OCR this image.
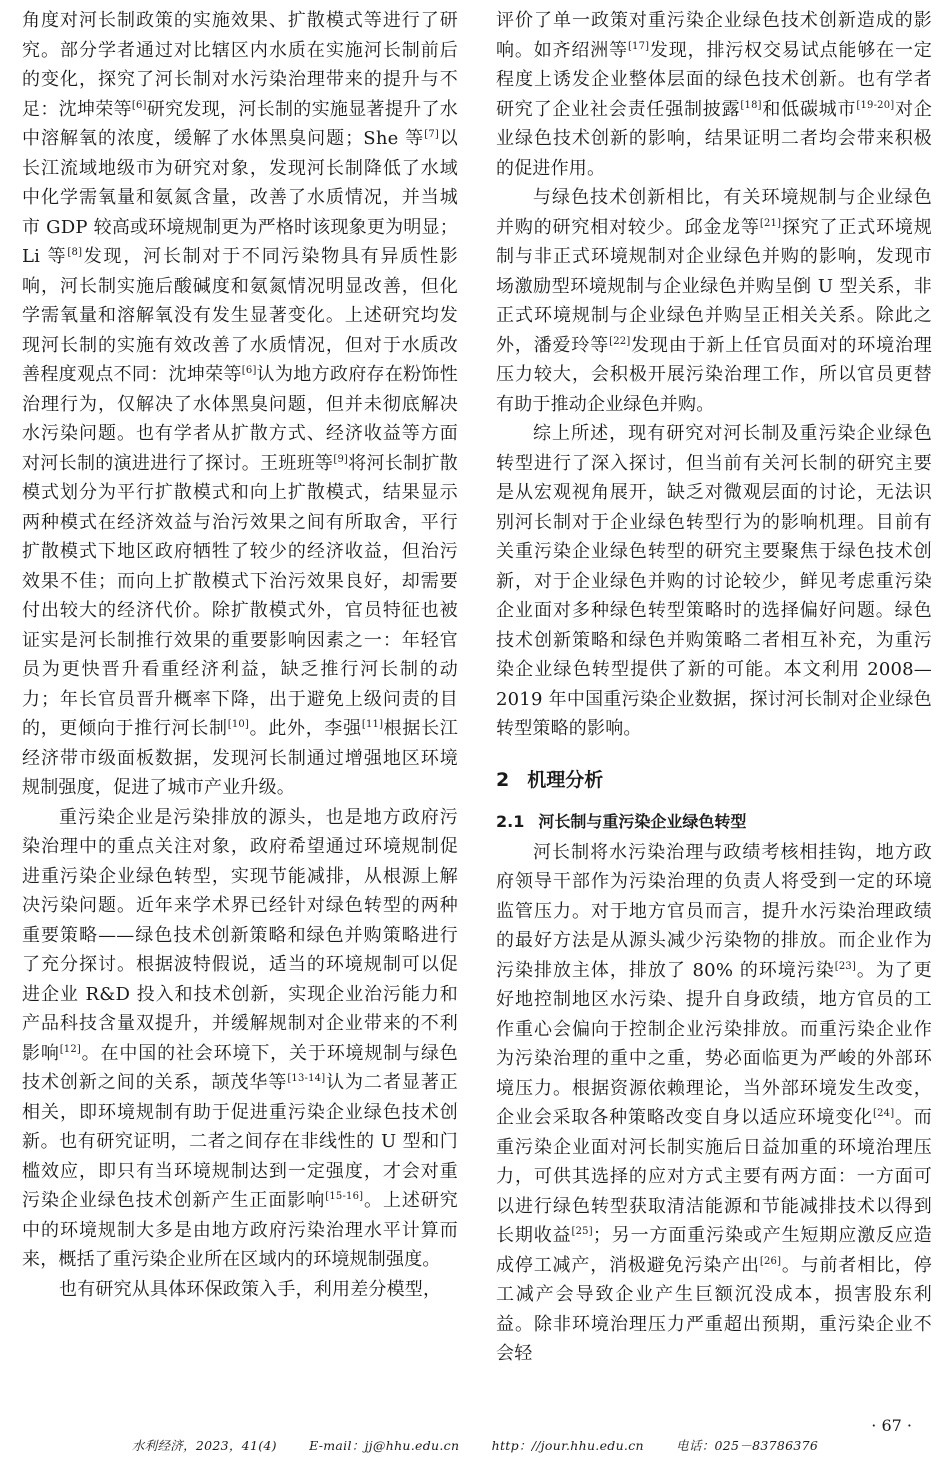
角度对河长制政策的实施效果、扩散模式等进行了研究。部分学者通过对比辖区内水质在实施河长制前后的变化，探究了河长制对水污染治理带来的提升与不足：沈坤荣等[6]研究发现，河长制的实施显著提升了水中溶解氧的浓度，缓解了水体黑臭问题；She 等[7]以长江流域地级市为研究对象，发现河长制降低了水域中化学需氧量和氨氮含量，改善了水质情况，并当城市 GDP 较高或环境规制更为严格时该现象更为明显；Li 等[8]发现，河长制对于不同污染物具有异质性影响，河长制实施后酸碱度和氨氮情况明显改善，但化学需氧量和溶解氧没有发生显著变化。上述研究均发现河长制的实施有效改善了水质情况，但对于水质改善程度观点不同：沈坤荣等[6]认为地方政府存在粉饰性治理行为，仅解决了水体黑臭问题，但并未彻底解决水污染问题。也有学者从扩散方式、经济收益等方面对河长制的演进进行了探讨。王班班等[9]将河长制扩散模式划分为平行扩散模式和向上扩散模式，结果显示两种模式在经济效益与治污效果之间有所取舍，平行扩散模式下地区政府牺牲了较少的经济收益，但治污效果不佳；而向上扩散模式下治污效果良好，却需要付出较大的经济代价。除扩散模式外，官员特征也被证实是河长制推行效果的重要影响因素之一：年轻官员为更快晋升看重经济利益，缺乏推行河长制的动力；年长官员晋升概率下降，出于避免上级问责的目的，更倾向于推行河长制[10]。此外，李强[11]根据长江经济带市级面板数据，发现河长制通过增强地区环境规制强度，促进了城市产业升级。

重污染企业是污染排放的源头，也是地方政府污染治理中的重点关注对象，政府希望通过环境规制促进重污染企业绿色转型，实现节能减排，从根源上解决污染问题。近年来学术界已经针对绿色转型的两种重要策略——绿色技术创新策略和绿色并购策略进行了充分探讨。根据波特假说，适当的环境规制可以促进企业 R&D 投入和技术创新，实现企业治污能力和产品科技含量双提升，并缓解规制对企业带来的不利影响[12]。在中国的社会环境下，关于环境规制与绿色技术创新之间的关系，颉茂华等[13-14]认为二者显著正相关，即环境规制有助于促进重污染企业绿色技术创新。也有研究证明，二者之间存在非线性的 U 型和门槛效应，即只有当环境规制达到一定强度，才会对重污染企业绿色技术创新产生正面影响[15-16]。上述研究中的环境规制大多是由地方政府污染治理水平计算而来，概括了重污染企业所在区域内的环境规制强度。

也有研究从具体环保政策入手，利用差分模型，

评价了单一政策对重污染企业绿色技术创新造成的影响。如齐绍洲等[17]发现，排污权交易试点能够在一定程度上诱发企业整体层面的绿色技术创新。也有学者研究了企业社会责任强制披露[18]和低碳城市[19-20]对企业绿色技术创新的影响，结果证明二者均会带来积极的促进作用。

与绿色技术创新相比，有关环境规制与企业绿色并购的研究相对较少。邱金龙等[21]探究了正式环境规制与非正式环境规制对企业绿色并购的影响，发现市场激励型环境规制与企业绿色并购呈倒 U 型关系，非正式环境规制与企业绿色并购呈正相关关系。除此之外，潘爱玲等[22]发现由于新上任官员面对的环境治理压力较大，会积极开展污染治理工作，所以官员更替有助于推动企业绿色并购。

综上所述，现有研究对河长制及重污染企业绿色转型进行了深入探讨，但当前有关河长制的研究主要是从宏观视角展开，缺乏对微观层面的讨论，无法识别河长制对于企业绿色转型行为的影响机理。目前有关重污染企业绿色转型的研究主要聚焦于绿色技术创新，对于企业绿色并购的讨论较少，鲜见考虑重污染企业面对多种绿色转型策略时的选择偏好问题。绿色技术创新策略和绿色并购策略二者相互补充，为重污染企业绿色转型提供了新的可能。本文利用 2008—2019 年中国重污染企业数据，探讨河长制对企业绿色转型策略的影响。

2 机理分析
2.1 河长制与重污染企业绿色转型

河长制将水污染治理与政绩考核相挂钩，地方政府领导干部作为污染治理的负责人将受到一定的环境监管压力。对于地方官员而言，提升水污染治理政绩的最好方法是从源头减少污染物的排放。而企业作为污染排放主体，排放了 80% 的环境污染[23]。为了更好地控制地区水污染、提升自身政绩，地方官员的工作重心会偏向于控制企业污染排放。而重污染企业作为污染治理的重中之重，势必面临更为严峻的外部环境压力。根据资源依赖理论，当外部环境发生改变，企业会采取各种策略改变自身以适应环境变化[24]。而重污染企业面对河长制实施后日益加重的环境治理压力，可供其选择的应对方式主要有两方面：一方面可以进行绿色转型获取清洁能源和节能减排技术以得到长期收益[25]；另一方面重污染或产生短期应激反应造成停工减产，消极避免污染产出[26]。与前者相比，停工减产会导致企业产生巨额沉没成本，损害股东利益。除非环境治理压力严重超出预期，重污染企业不会轻

· 67 ·
水利经济，2023，41(4)	E-mail：jj@hhu.edu.cn	http：//jour.hhu.edu.cn	电话：025－83786376
